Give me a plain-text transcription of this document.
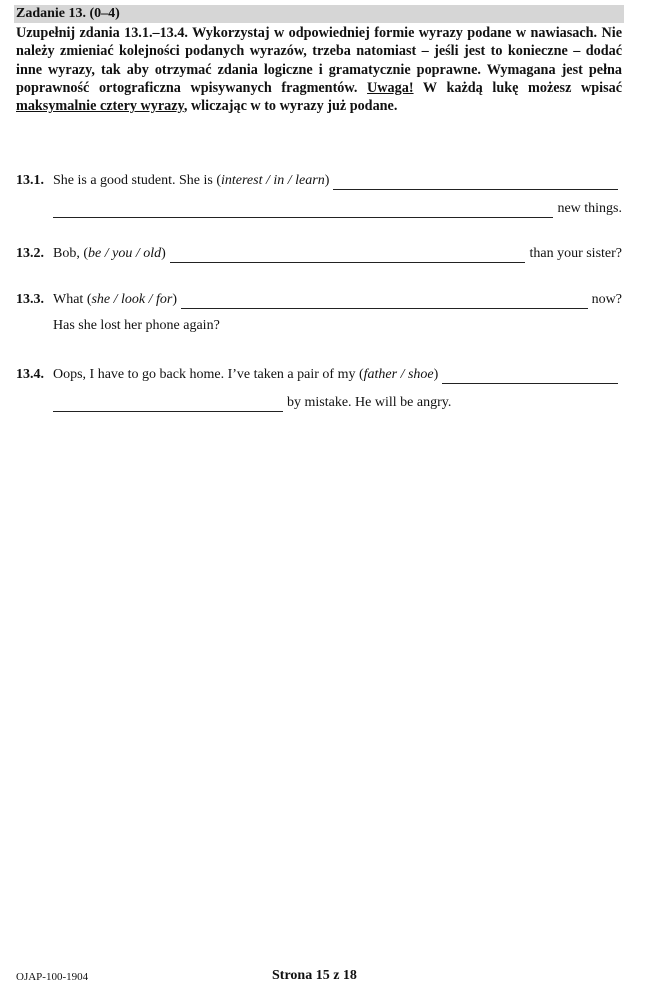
Zadanie 13. (0–4)
Uzupełnij zdania 13.1.–13.4. Wykorzystaj w odpowiedniej formie wyrazy podane w nawiasach. Nie należy zmieniać kolejności podanych wyrazów, trzeba natomiast – jeśli jest to konieczne – dodać inne wyrazy, tak aby otrzymać zdania logiczne i gramatycznie poprawne. Wymagana jest pełna poprawność ortograficzna wpisywanych fragmentów. Uwaga! W każdą lukę możesz wpisać maksymalnie cztery wyrazy, wliczając w to wyrazy już podane.
13.1. She is a good student. She is (interest / in / learn)
new things.
13.2. Bob, (be / you / old)	than your sister?
13.3. What (she / look / for)	now?
Has she lost her phone again?
13.4. Oops, I have to go back home. I’ve taken a pair of my (father / shoe)
by mistake. He will be angry.
OJAP-100-1904	Strona 15 z 18
